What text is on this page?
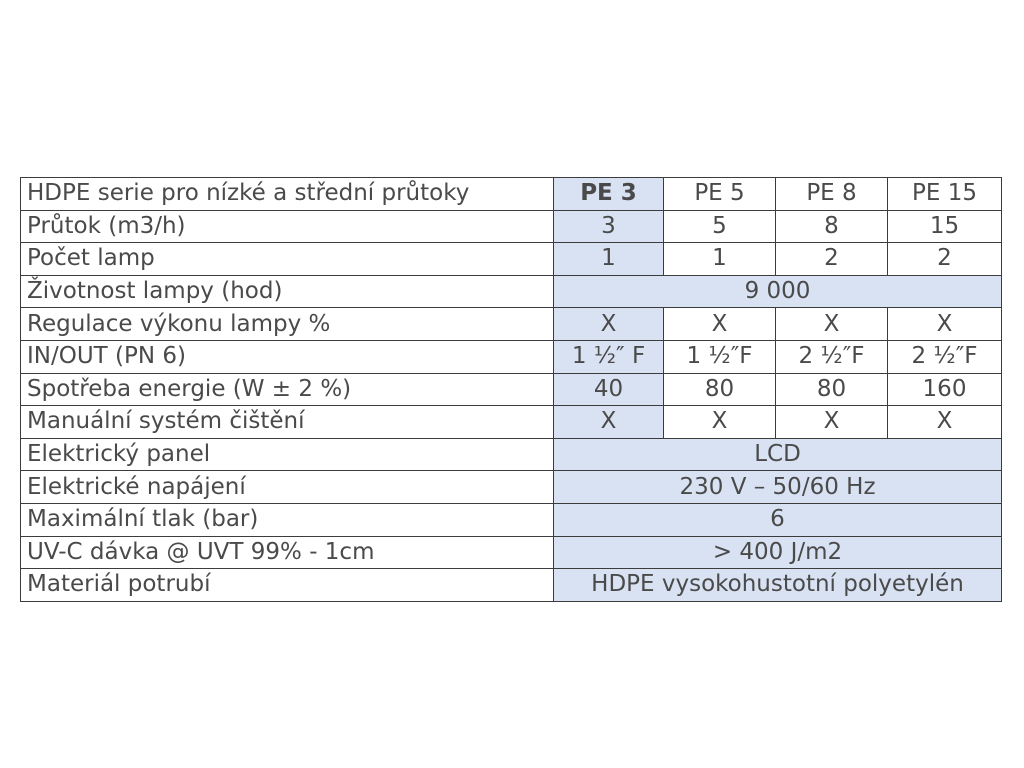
HDPE serie pro nízké a střední průtoky	PE 3	PE 5	PE 8	PE 15
Průtok (m3/h)	3	5	8	15
Počet lamp	1	1	2	2
Životnost lampy (hod)	9 000			
Regulace výkonu lampy %	X	X	X	X
IN/OUT (PN 6)	1 ½″ F	1 ½″F	2 ½″F	2 ½″F
Spotřeba energie (W ± 2 %)	40	80	80	160
Manuální systém čištění	X	X	X	X
Elektrický panel	LCD			
Elektrické napájení	230 V – 50/60 Hz			
Maximální tlak (bar)	6			
UV-C dávka @ UVT 99% - 1cm	> 400 J/m2			
Materiál potrubí	HDPE vysokohustotní polyetylén			
